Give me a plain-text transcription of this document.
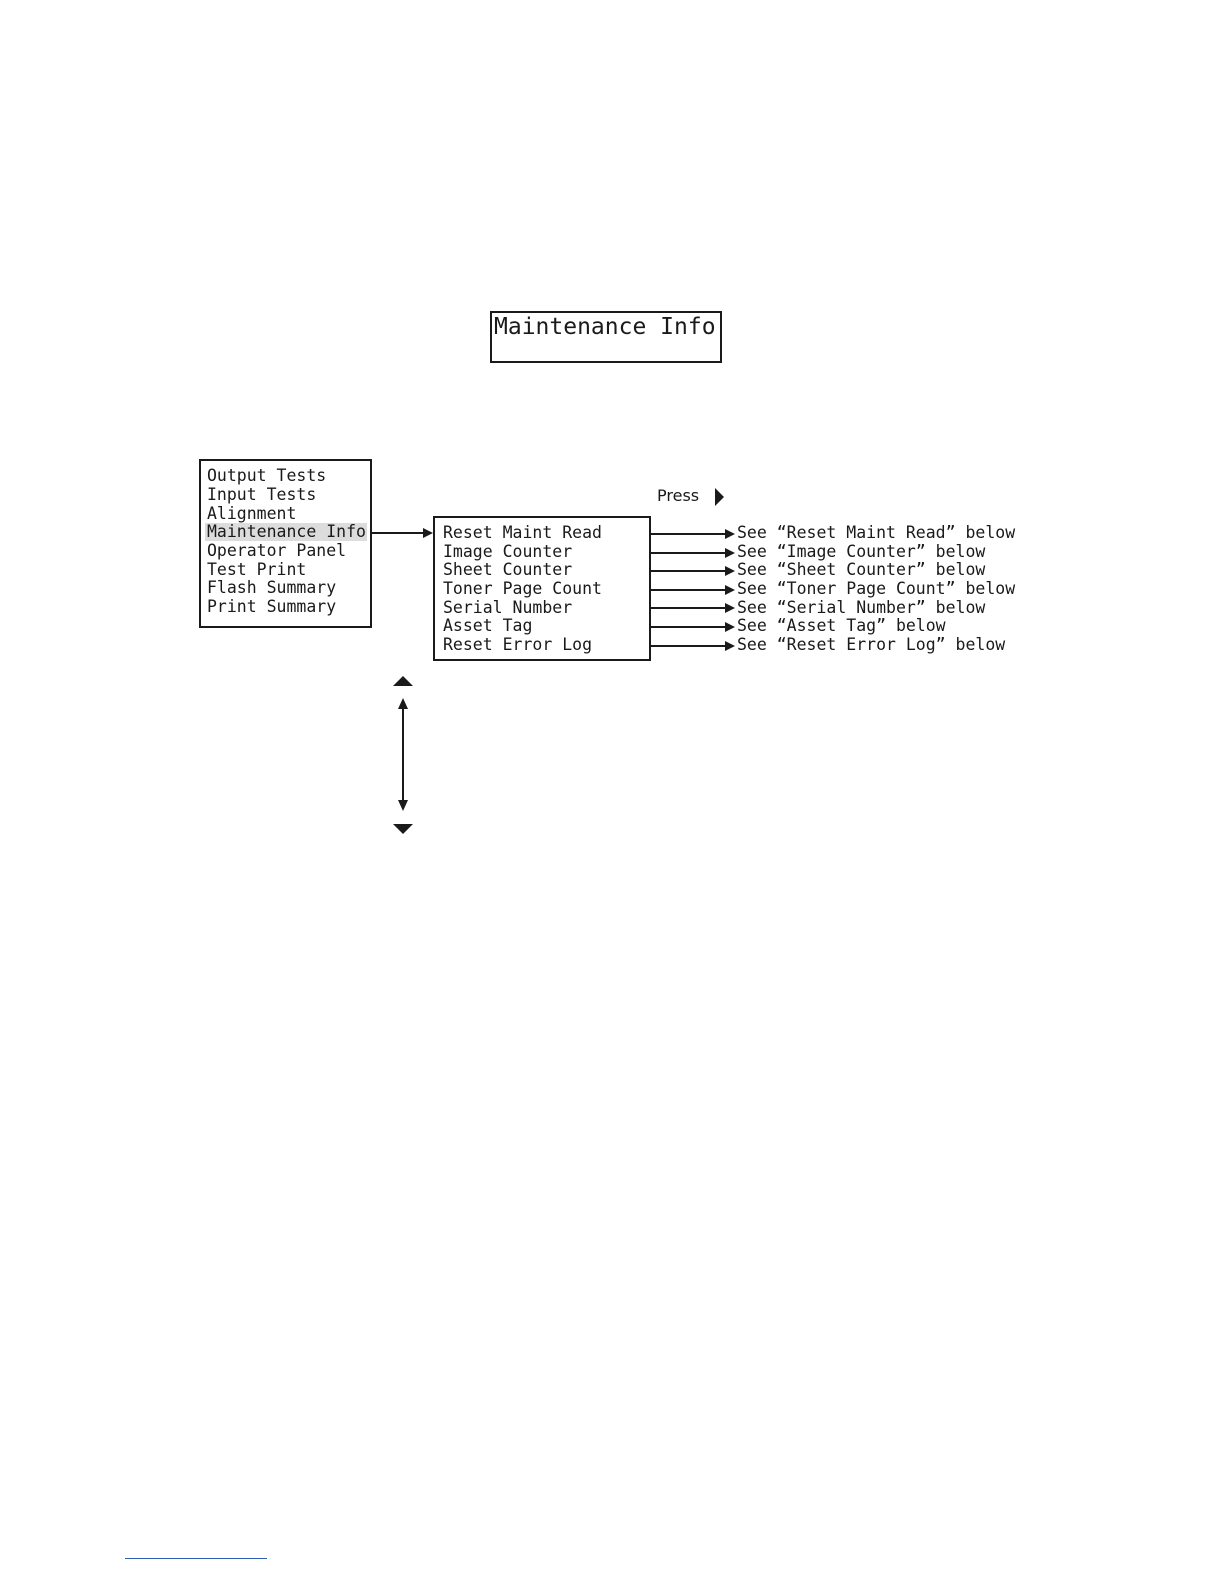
Maintenance Info
Output Tests
Input Tests
Alignment
Maintenance Info
Operator Panel
Test Print
Flash Summary
Print Summary
Reset Maint Read
Image Counter
Sheet Counter
Toner Page Count
Serial Number
Asset Tag
Reset Error Log
Press
See “Reset Maint Read” below
See “Image Counter” below
See “Sheet Counter” below
See “Toner Page Count” below
See “Serial Number” below
See “Asset Tag” below
See “Reset Error Log” below
